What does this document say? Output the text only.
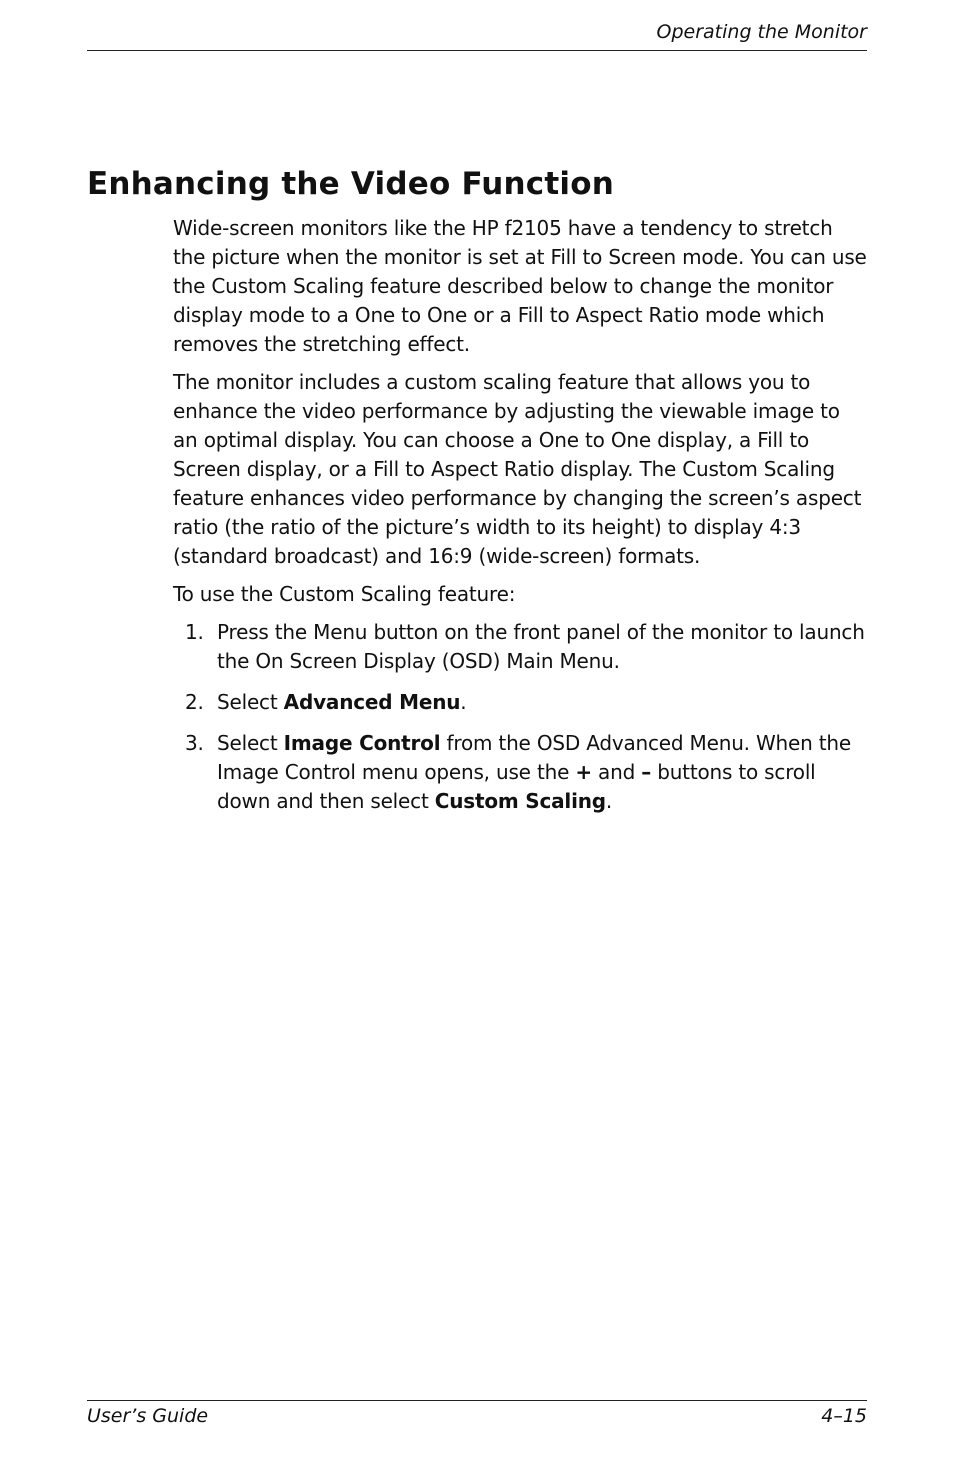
Operating the Monitor
Enhancing the Video Function

Wide-screen monitors like the HP f2105 have a tendency to stretch the picture when the monitor is set at Fill to Screen mode. You can use the Custom Scaling feature described below to change the monitor display mode to a One to One or a Fill to Aspect Ratio mode which removes the stretching effect.

The monitor includes a custom scaling feature that allows you to enhance the video performance by adjusting the viewable image to an optimal display. You can choose a One to One display, a Fill to Screen display, or a Fill to Aspect Ratio display. The Custom Scaling feature enhances video performance by changing the screen’s aspect ratio (the ratio of the picture’s width to its height) to display 4:3 (standard broadcast) and 16:9 (wide-screen) formats.

To use the Custom Scaling feature:

1. Press the Menu button on the front panel of the monitor to launch the On Screen Display (OSD) Main Menu.
2. Select Advanced Menu.
3. Select Image Control from the OSD Advanced Menu. When the Image Control menu opens, use the + and – buttons to scroll down and then select Custom Scaling.
User’s Guide	4–15
